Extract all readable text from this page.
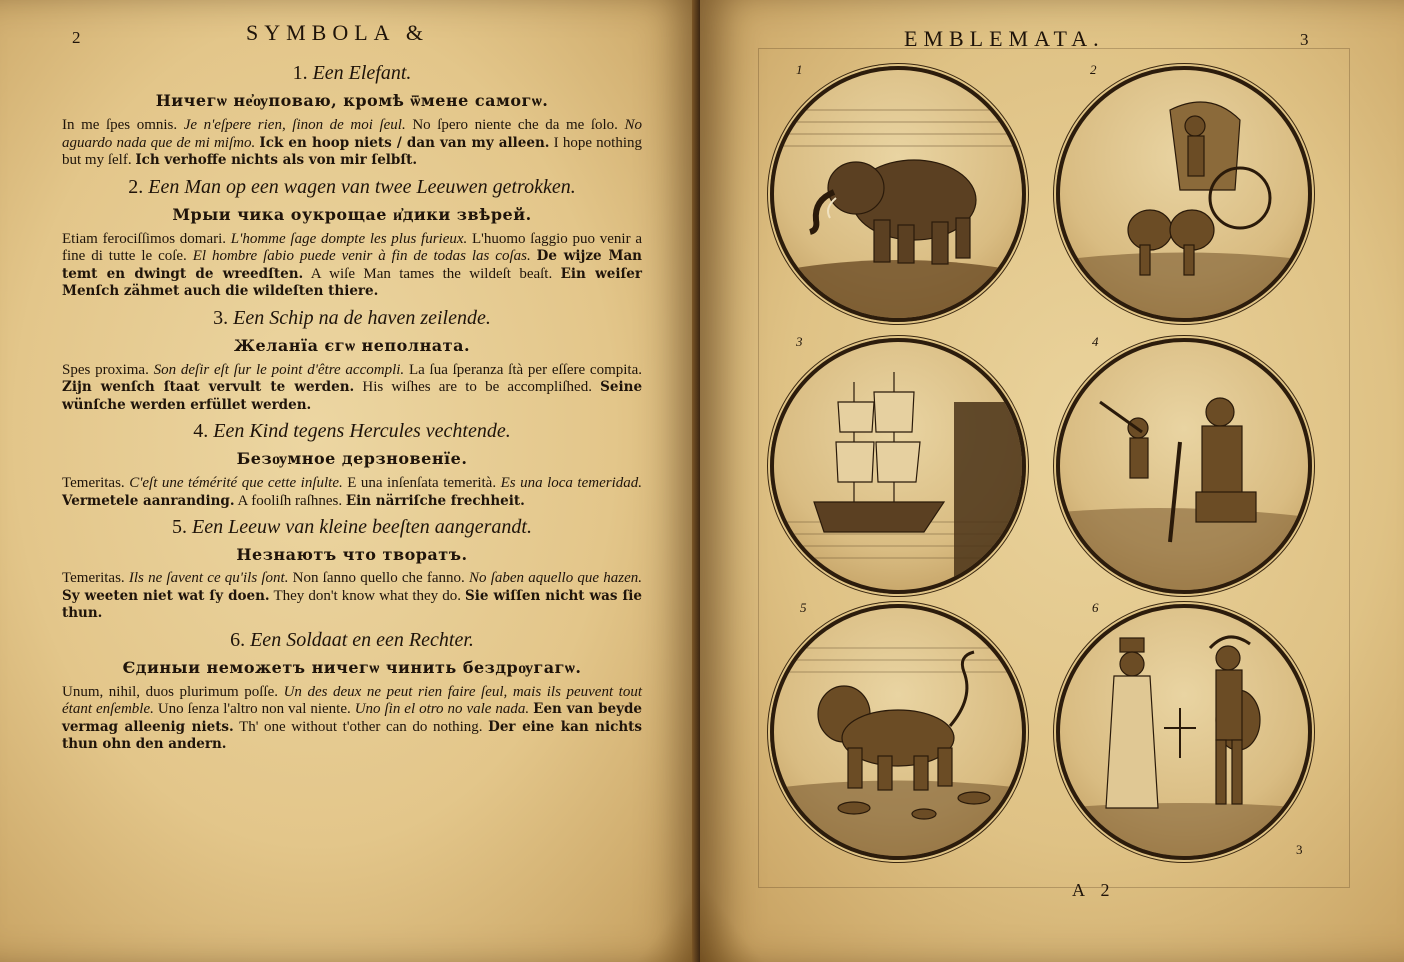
2	SYMBOLA &
1. Een Elefant.
Ничегѡ не҆ѹповаю, кромѣ ѿмене самогѡ.
In me ſpes omnis. Je n'eſpere rien, ſinon de moi ſeul. No ſpero niente che da me ſolo. No aguardo nada que de mi miſmo. Ick en hoop niets / dan van my alleen. I hope nothing but my ſelf. Ich verhoffe nichts als von mir ſelbſt.
2. Een Man op een wagen van twee Leeuwen getrokken.
Мрыи чика оукрощае и҆дики звѣрей.
Etiam ferociſſimos domari. L'homme ſage dompte les plus furieux. L'huomo ſaggio puo venir a fine di tutte le coſe. El hombre ſabio puede venir à fin de todas las coſas. De wijze Man temt en dwingt de wreedſten. A wiſe Man tames the wildeſt beaſt. Ein weiſer Menſch zähmet auch die wildeſten thiere.
3. Een Schip na de haven zeilende.
Желанїа єгѡ неполната.
Spes proxima. Son deſir eſt ſur le point d'être accompli. La ſua ſperanza ſtà per eſſere compita. Zijn wenſch ſtaat vervult te werden. His wiſhes are to be accompliſhed. Seine wünſche werden erfüllet werden.
4. Een Kind tegens Hercules vechtende.
Безѹмное дерзновенїе.
Temeritas. C'eſt une témérité que cette inſulte. E una inſenſata temerità. Es una loca temeridad. Vermetele aanranding. A fooliſh raſhnes. Ein närriſche frechheit.
5. Een Leeuw van kleine beeſten aangerandt.
Незнаютъ что творатъ.
Temeritas. Ils ne ſavent ce qu'ils ſont. Non ſanno quello che fanno. No ſaben aquello que hazen. Sy weeten niet wat ſy doen. They don't know what they do. Sie wiſſen nicht was ſie thun.
6. Een Soldaat en een Rechter.
Єдиныи неможетъ ничегѡ чинить бездрѹгагѡ.
Unum, nihil, duos plurimum poſſe. Un des deux ne peut rien faire ſeul, mais ils peuvent tout étant enſemble. Uno ſenza l'altro non val niente. Uno ſin el otro no vale nada. Een van beyde vermag alleenig niets. Th' one without t'other can do nothing. Der eine kan nichts thun ohn den andern.
EMBLEMATA.	3
1	2
3	4
5	6
A 2
3
